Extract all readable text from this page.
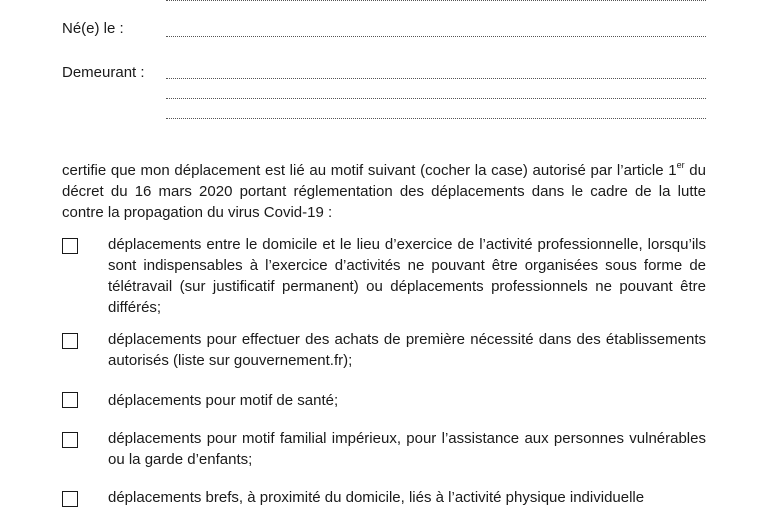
Né(e) le :
Demeurant :
certifie que mon déplacement est lié au motif suivant (cocher la case) autorisé par l’article 1er du décret du 16 mars 2020 portant réglementation des déplacements dans le cadre de la lutte contre la propagation du virus Covid-19 :
déplacements entre le domicile et le lieu d’exercice de l’activité professionnelle, lorsqu’ils sont indispensables à l’exercice d’activités ne pouvant être organisées sous forme de télétravail (sur justificatif permanent) ou déplacements professionnels ne pouvant être différés;
déplacements pour effectuer des achats de première nécessité dans des établissements autorisés (liste sur gouvernement.fr);
déplacements pour motif de santé;
déplacements pour motif familial impérieux, pour l’assistance aux personnes vulnérables ou la garde d’enfants;
déplacements brefs, à proximité du domicile, liés à l’activité physique individuelle
